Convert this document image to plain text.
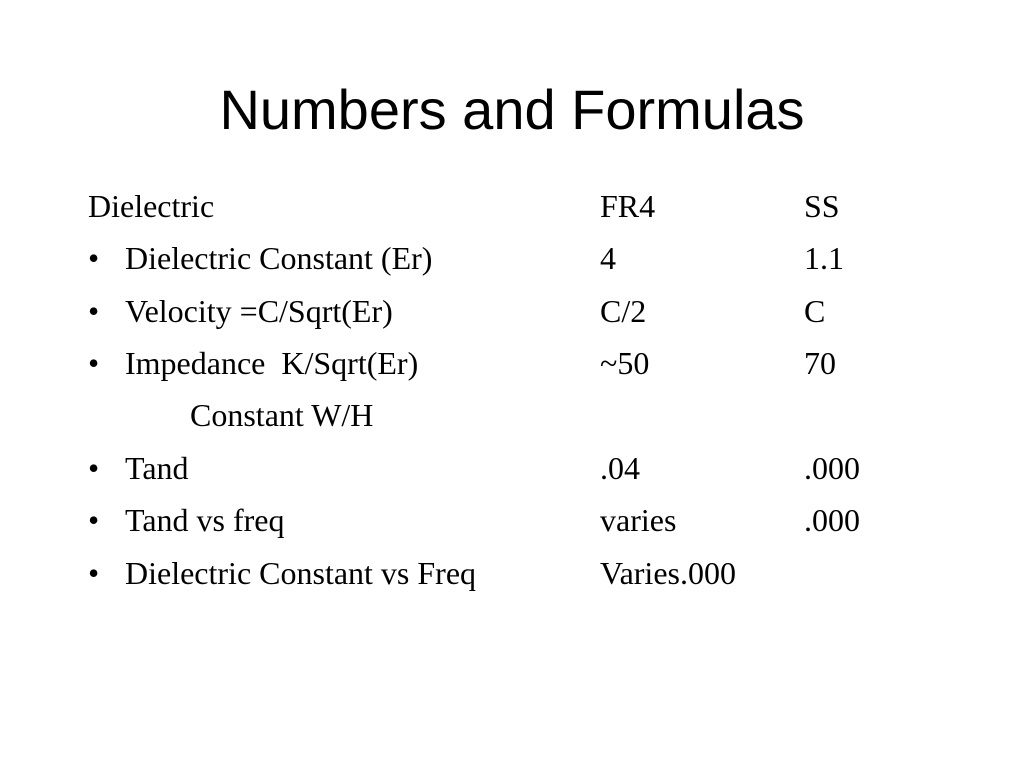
Numbers and Formulas
Dielectric	FR4	SS
• Dielectric Constant (Er)	4	1.1
• Velocity =C/Sqrt(Er)	C/2	C
• Impedance  K/Sqrt(Er)	~50	70
Constant W/H
• Tand	.04	.000
• Tand vs freq	varies	.000
• Dielectric Constant vs Freq	Varies.000
